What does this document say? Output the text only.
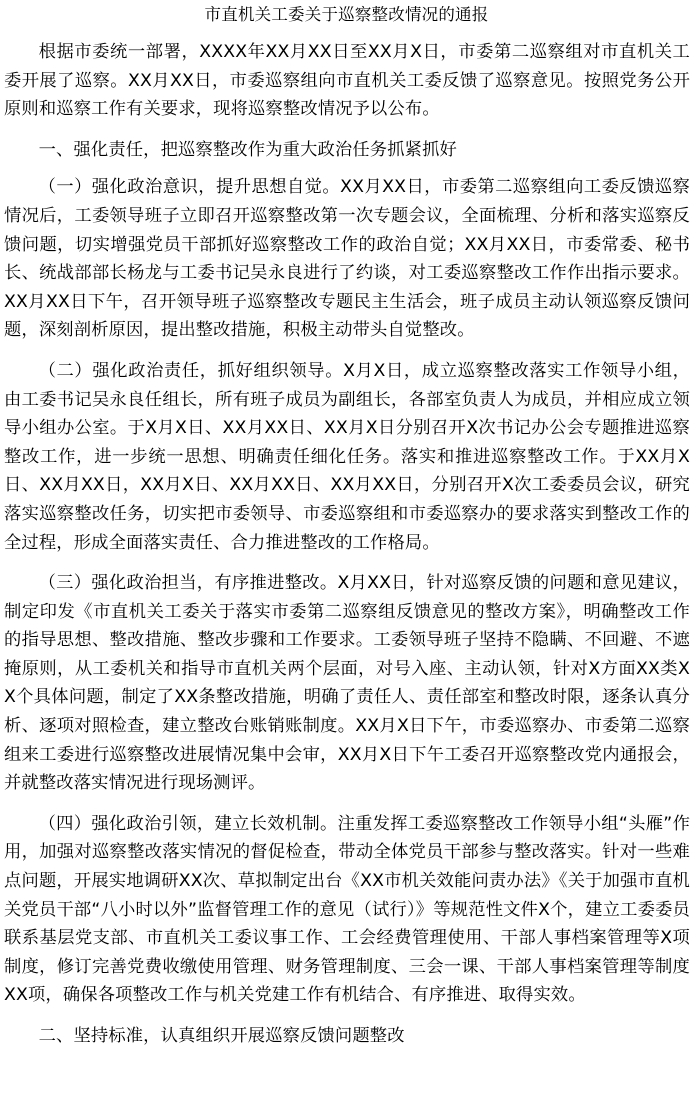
市直机关工委关于巡察整改情况的通报

根据市委统一部署，XXXX年XX月XX日至XX月X日，市委第二巡察组对市直机关工委开展了巡察。XX月XX日，市委巡察组向市直机关工委反馈了巡察意见。按照党务公开原则和巡察工作有关要求，现将巡察整改情况予以公布。

一、强化责任，把巡察整改作为重大政治任务抓紧抓好

（一）强化政治意识，提升思想自觉。XX月XX日，市委第二巡察组向工委反馈巡察情况后，工委领导班子立即召开巡察整改第一次专题会议，全面梳理、分析和落实巡察反馈问题，切实增强党员干部抓好巡察整改工作的政治自觉；XX月XX日，市委常委、秘书长、统战部部长杨龙与工委书记吴永良进行了约谈，对工委巡察整改工作作出指示要求。XX月XX日下午，召开领导班子巡察整改专题民主生活会，班子成员主动认领巡察反馈问题，深刻剖析原因，提出整改措施，积极主动带头自觉整改。

（二）强化政治责任，抓好组织领导。X月X日，成立巡察整改落实工作领导小组，由工委书记吴永良任组长，所有班子成员为副组长，各部室负责人为成员，并相应成立领导小组办公室。于X月X日、XX月XX日、XX月X日分别召开X次书记办公会专题推进巡察整改工作，进一步统一思想、明确责任细化任务。落实和推进巡察整改工作。于XX月X日、XX月XX日，XX月X日、XX月XX日、XX月XX日，分别召开X次工委委员会议，研究落实巡察整改任务，切实把市委领导、市委巡察组和市委巡察办的要求落实到整改工作的全过程，形成全面落实责任、合力推进整改的工作格局。

（三）强化政治担当，有序推进整改。X月XX日，针对巡察反馈的问题和意见建议，制定印发《市直机关工委关于落实市委第二巡察组反馈意见的整改方案》，明确整改工作的指导思想、整改措施、整改步骤和工作要求。工委领导班子坚持不隐瞒、不回避、不遮掩原则，从工委机关和指导市直机关两个层面，对号入座、主动认领，针对X方面XX类XX个具体问题，制定了XX条整改措施，明确了责任人、责任部室和整改时限，逐条认真分析、逐项对照检查，建立整改台账销账制度。XX月X日下午，市委巡察办、市委第二巡察组来工委进行巡察整改进展情况集中会审，XX月X日下午工委召开巡察整改党内通报会，并就整改落实情况进行现场测评。

（四）强化政治引领，建立长效机制。注重发挥工委巡察整改工作领导小组“头雁”作用，加强对巡察整改落实情况的督促检查，带动全体党员干部参与整改落实。针对一些难点问题，开展实地调研XX次、草拟制定出台《XX市机关效能问责办法》《关于加强市直机关党员干部“八小时以外”监督管理工作的意见（试行）》等规范性文件X个，建立工委委员联系基层党支部、市直机关工委议事工作、工会经费管理使用、干部人事档案管理等X项制度，修订完善党费收缴使用管理、财务管理制度、三会一课、干部人事档案管理等制度XX项，确保各项整改工作与机关党建工作有机结合、有序推进、取得实效。

二、坚持标准，认真组织开展巡察反馈问题整改
